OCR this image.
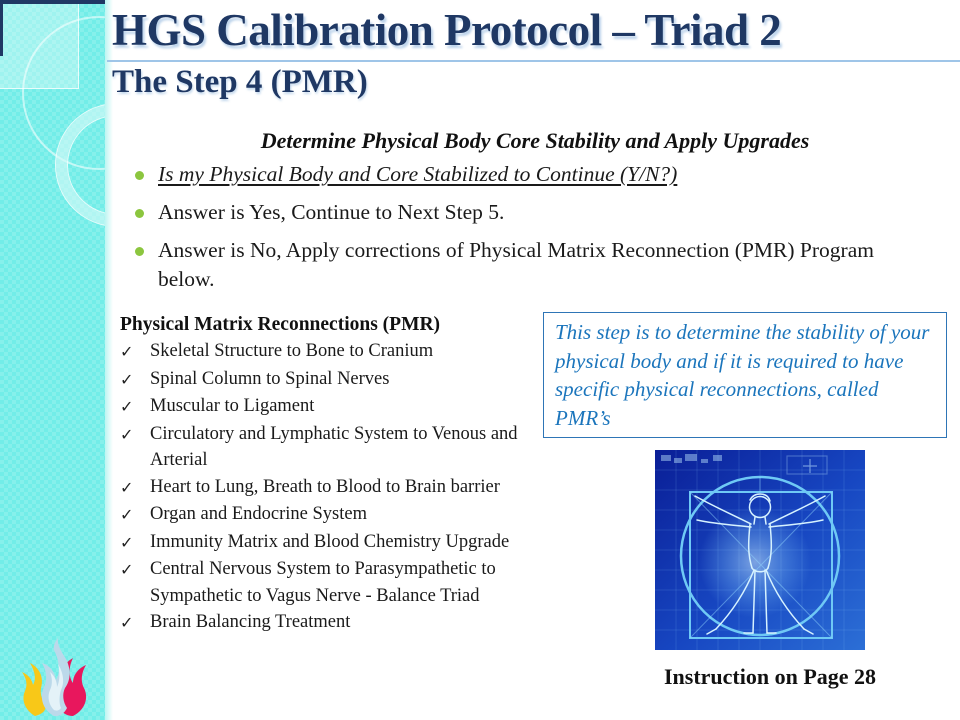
HGS Calibration Protocol – Triad 2
The Step 4 (PMR)
Determine Physical Body Core Stability and Apply Upgrades
Is my Physical Body and Core Stabilized to Continue (Y/N?)
Answer is Yes, Continue to Next Step 5.
Answer is No, Apply corrections of Physical Matrix Reconnection (PMR) Program below.
Physical Matrix Reconnections (PMR)
✓ Skeletal Structure to Bone to Cranium
✓ Spinal Column to Spinal Nerves
✓ Muscular to Ligament
✓ Circulatory and Lymphatic System to Venous and Arterial
✓ Heart to Lung, Breath to Blood to Brain barrier
✓ Organ and Endocrine System
✓ Immunity Matrix and Blood Chemistry Upgrade
✓ Central Nervous System to Parasympathetic to Sympathetic to Vagus Nerve - Balance Triad
✓ Brain Balancing Treatment
This step is to determine the stability of your physical body and if it is required to have specific physical reconnections, called PMR’s
Instruction on Page 28
